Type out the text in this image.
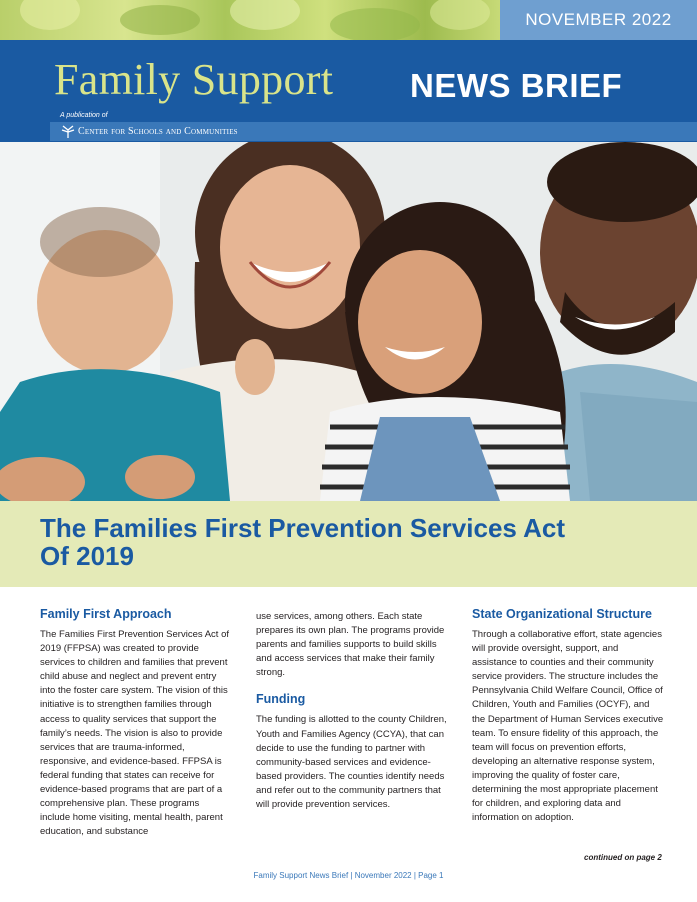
NOVEMBER 2022
Family Support NEWS BRIEF
A publication of
Center for Schools and Communities
The Families First Prevention Services Act Of 2019
Family First Approach
The Families First Prevention Services Act of 2019 (FFPSA) was created to provide services to children and families that prevent child abuse and neglect and prevent entry into the foster care system. The vision of this initiative is to strengthen families through access to quality services that support the family’s needs. The vision is also to provide services that are trauma-informed, responsive, and evidence-based. FFPSA is federal funding that states can receive for evidence-based programs that are part of a comprehensive plan. These programs include home visiting, mental health, parent education, and substance
use services, among others. Each state prepares its own plan. The programs provide parents and families supports to build skills and access services that make their family strong.
Funding
The funding is allotted to the county Children, Youth and Families Agency (CCYA), that can decide to use the funding to partner with community-based services and evidence-based providers. The counties identify needs and refer out to the community partners that will provide prevention services.
State Organizational Structure
Through a collaborative effort, state agencies will provide oversight, support, and assistance to counties and their community service providers. The structure includes the Pennsylvania Child Welfare Council, Office of Children, Youth and Families (OCYF), and the Department of Human Services executive team. To ensure fidelity of this approach, the team will focus on prevention efforts, developing an alternative response system, improving the quality of foster care, determining the most appropriate placement for children, and exploring data and information on adoption.
continued on page 2
Family Support News Brief | November 2022 | Page 1
